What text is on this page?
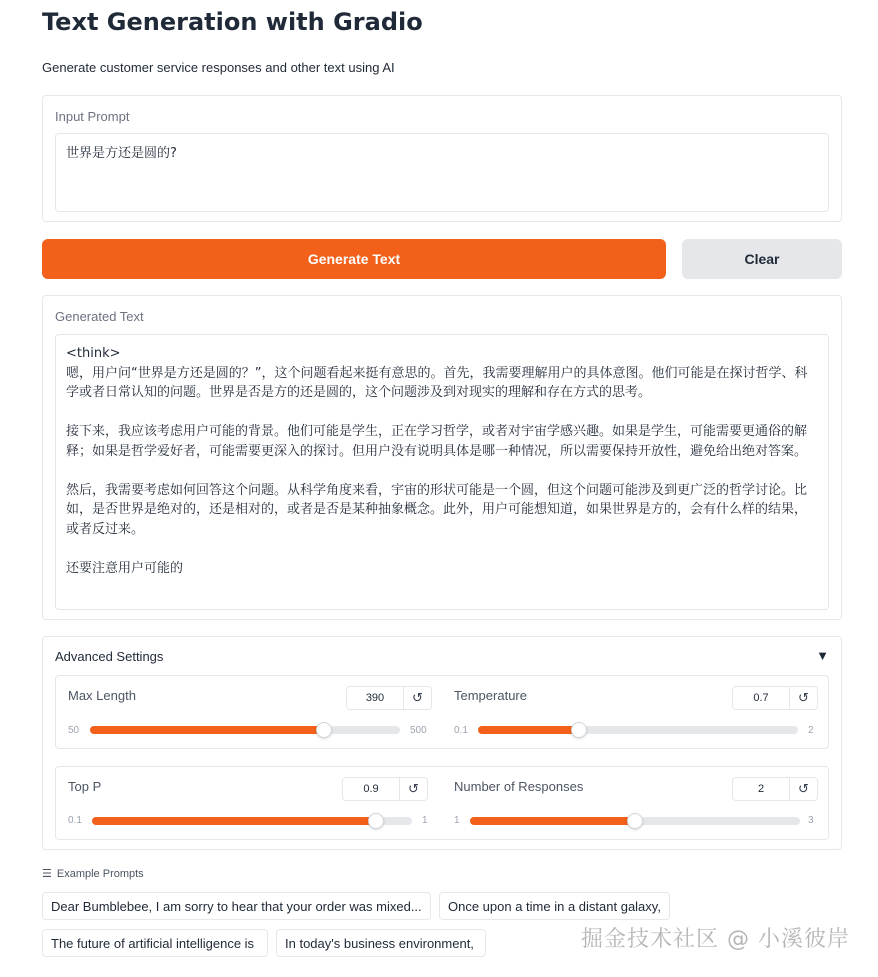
Text Generation with Gradio
Generate customer service responses and other text using AI
Input Prompt
世界是方还是圆的?
Generate Text	Clear
Generated Text
<think>
嗯，用户问“世界是方还是圆的？”，这个问题看起来挺有意思的。首先，我需要理解用户的具体意图。他们可能是在探讨哲学、科学或者日常认知的问题。世界是否是方的还是圆的，这个问题涉及到对现实的理解和存在方式的思考。

接下来，我应该考虑用户可能的背景。他们可能是学生，正在学习哲学，或者对宇宙学感兴趣。如果是学生，可能需要更通俗的解释；如果是哲学爱好者，可能需要更深入的探讨。但用户没有说明具体是哪一种情况，所以需要保持开放性，避免给出绝对答案。

然后，我需要考虑如何回答这个问题。从科学角度来看，宇宙的形状可能是一个圆，但这个问题可能涉及到更广泛的哲学讨论。比如，是否世界是绝对的，还是相对的，或者是否是某种抽象概念。此外，用户可能想知道，如果世界是方的，会有什么样的结果，或者反过来。

还要注意用户可能的
Advanced Settings	▼
Max Length	390	↺
50	500
Temperature	0.7	↺
0.1	2
Top P	0.9	↺
0.1	1
Number of Responses	2	↺
1	3
☰ Example Prompts
Dear Bumblebee, I am sorry to hear that your order was mixed...	Once upon a time in a distant galaxy,
The future of artificial intelligence is	In today's business environment,	掘金技术社区 @ 小溪彼岸
